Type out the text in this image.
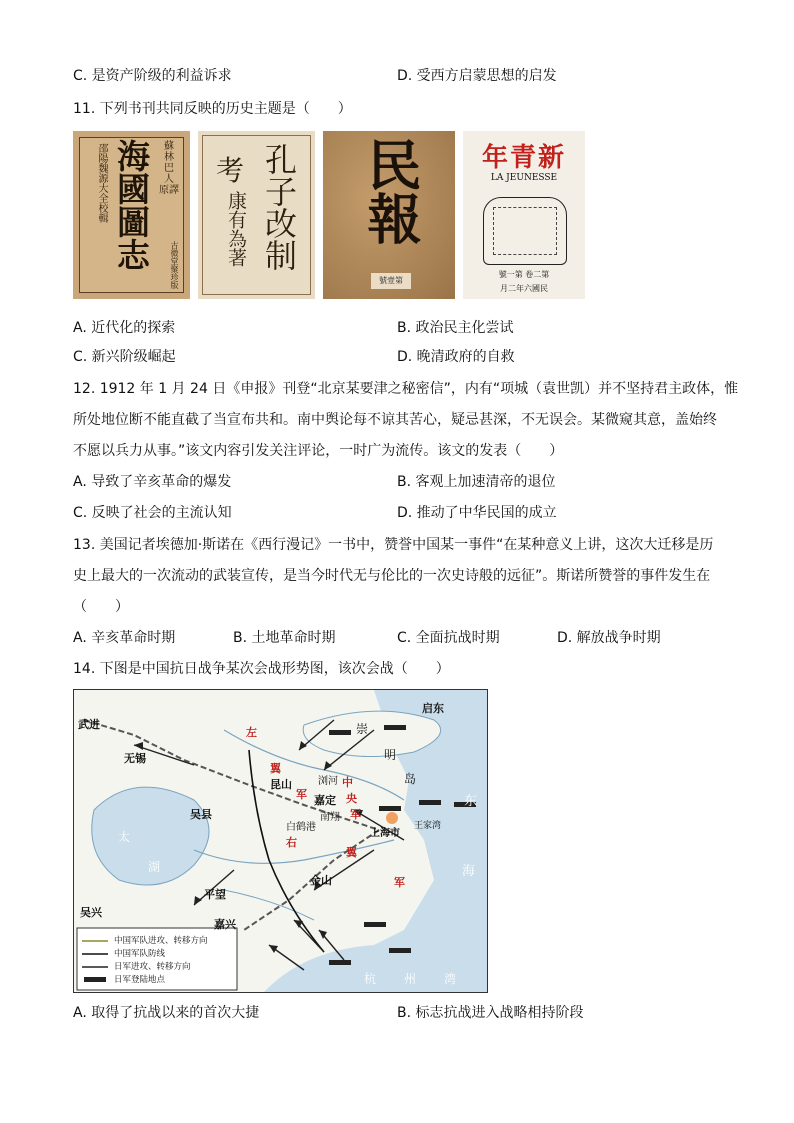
C. 是资产阶级的利益诉求	D. 受西方启蒙思想的启发
11. 下列书刊共同反映的历史主题是（　　）
蘇
林
巴
人
原譯
海國圖志
邵陽魏源大全校輯
古微堂聚珍版
孔子改制
考
康有為著 民報
號壹第
年青新
LA JEUNESSE
號一第 卷二第
月二年六國民
A. 近代化的探索	B. 政治民主化尝试
C. 新兴阶级崛起	D. 晚清政府的自救
12. 1912 年 1 月 24 日《申报》刊登“北京某要津之秘密信”，内有“项城（袁世凯）并不坚持君主政体，惟
所处地位断不能直截了当宣布共和。南中舆论每不谅其苦心，疑忌甚深，不无误会。某微窥其意，盖始终
不愿以兵力从事。”该文内容引发关注评论，一时广为流传。该文的发表（　　）
A. 导致了辛亥革命的爆发	B. 客观上加速清帝的退位
C. 反映了社会的主流认知	D. 推动了中华民国的成立
13. 美国记者埃德加·斯诺在《西行漫记》一书中，赞誉中国某一事件“在某种意义上讲，这次大迁移是历
史上最大的一次流动的武装宣传，是当今时代无与伦比的一次史诗般的远征”。斯诺所赞誉的事件发生在
（　　）
A. 辛亥革命时期	B. 土地革命时期	C. 全面抗战时期	D. 解放战争时期
14. 下图是中国抗日战争某次会战形势图，该次会战（　　）
武进
无锡
昆山
吴县
嘉定
南翔
白鹤港
上海市
王家湾
金山
平望
吴兴
嘉兴
启东
太
湖
东
海
杭 州 湾
崇
明
岛
左
翼
军
中
央
军
右
翼
军
浏河
中国军队进攻、转移方向
中国军队防线
日军进攻、转移方向
日军登陆地点
A. 取得了抗战以来的首次大捷	B. 标志抗战进入战略相持阶段
